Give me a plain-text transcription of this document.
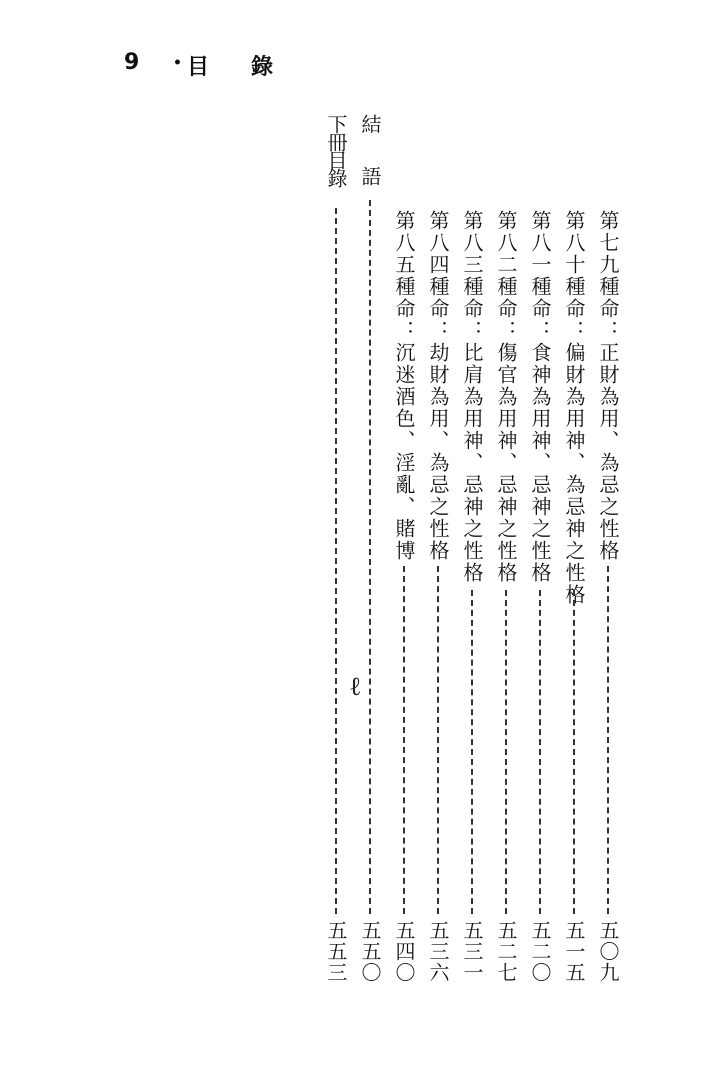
9 • 目 錄
第七九種命：正財為用、為忌之性格
五〇九
第八十種命：偏財為用神、為忌神之性格
五一五
第八一種命：食神為用神、忌神之性格
五二〇
第八二種命：傷官為用神、忌神之性格
五二七
第八三種命：比肩為用神、忌神之性格
五三一
第八四種命：劫財為用、為忌之性格
五三六
第八五種命：沉迷酒色、淫亂、賭博
五四〇
結　語
五五〇
下冊目錄
五五三
ℓ
